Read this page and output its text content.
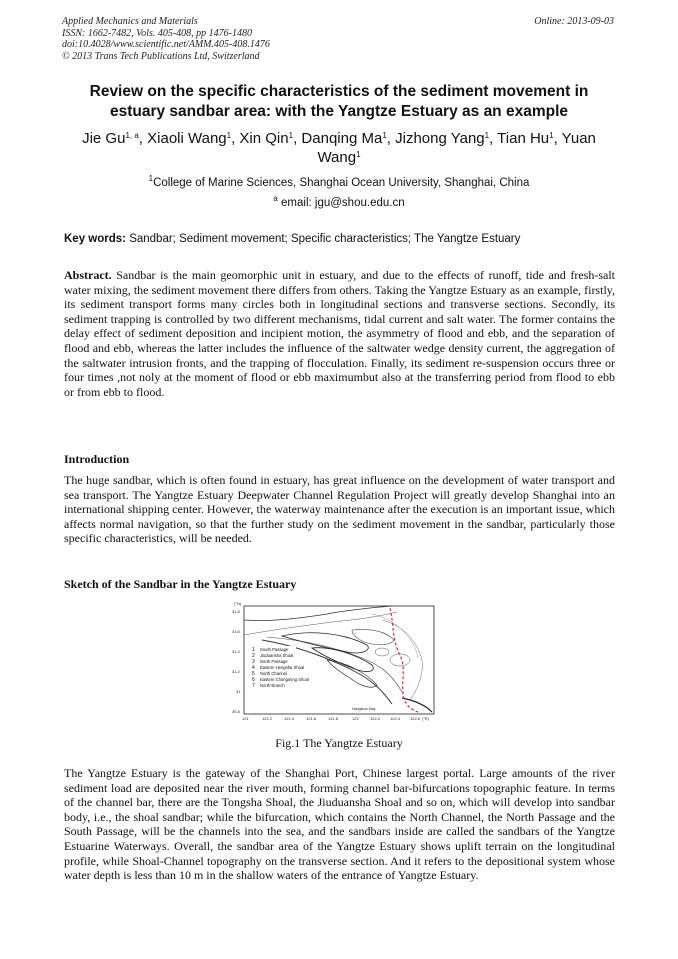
Applied Mechanics and Materials
ISSN: 1662-7482, Vols. 405-408, pp 1476-1480
doi:10.4028/www.scientific.net/AMM.405-408.1476
© 2013 Trans Tech Publications Ltd, Switzerland
Online: 2013-09-03
Review on the specific characteristics of the sediment movement in estuary sandbar area: with the Yangtze Estuary as an example
Jie Gu$^{1, a}$, Xiaoli Wang$^1$, Xin Qin$^1$, Danqing Ma$^1$, Jizhong Yang$^1$, Tian Hu$^1$, Yuan Wang$^1$
$^1$College of Marine Sciences, Shanghai Ocean University, Shanghai, China
$^a$ email: jgu@shou.edu.cn
Key words: Sandbar; Sediment movement; Specific characteristics; The Yangtze Estuary
Abstract. Sandbar is the main geomorphic unit in estuary, and due to the effects of runoff, tide and fresh-salt water mixing, the sediment movement there differs from others. Taking the Yangtze Estuary as an example, firstly, its sediment transport forms many circles both in longitudinal sections and transverse sections. Secondly, its sediment trapping is controlled by two different mechanisms, tidal current and salt water. The former contains the delay effect of sediment deposition and incipient motion, the asymmetry of flood and ebb, and the separation of flood and ebb, whereas the latter includes the influence of the saltwater wedge density current, the aggregation of the saltwater intrusion fronts, and the trapping of flocculation. Finally, its sediment re-suspension occurs three or four times ,not noly at the moment of flood or ebb maximumbut also at the transferring period from flood to ebb or from ebb to flood.
Introduction
The huge sandbar, which is often found in estuary, has great influence on the development of water transport and sea transport. The Yangtze Estuary Deepwater Channel Regulation Project will greatly develop Shanghai into an international shipping center. However, the waterway maintenance after the execution is an important issue, which affects normal navigation, so that the further study on the sediment movement in the sandbar, particularly those specific characteristics, will be needed.
Sketch of the Sandbar in the Yangtze Estuary
1 South Passage
2 Jiuduansha Shoal
3 North Passage
4 Eastern Hengsha Shoal
5 North Channel
6 Eastern Chongming Shoal
7 North Branch
(°N)
31.8
31.6
31.4
31.2
31
30.8
121	121.2	121.4	121.6	121.8	122	122.2 122.4 122.6 (°E)
Hangzhou Bay
Fig.1 The Yangtze Estuary
The Yangtze Estuary is the gateway of the Shanghai Port, Chinese largest portal. Large amounts of the river sediment load are deposited near the river mouth, forming channel bar-bifurcations topographic feature. In terms of the channel bar, there are the Tongsha Shoal, the Jiuduansha Shoal and so on, which will develop into sandbar body, i.e., the shoal sandbar; while the bifurcation, which contains the North Channel, the North Passage and the South Passage, will be the channels into the sea, and the sandbars inside are called the sandbars of the Yangtze Estuarine Waterways. Overall, the sandbar area of the Yangtze Estuary shows uplift terrain on the longitudinal profile, while Shoal-Channel topography on the transverse section. And it refers to the depositional system whose water depth is less than 10 m in the shallow waters of the entrance of Yangtze Estuary.
